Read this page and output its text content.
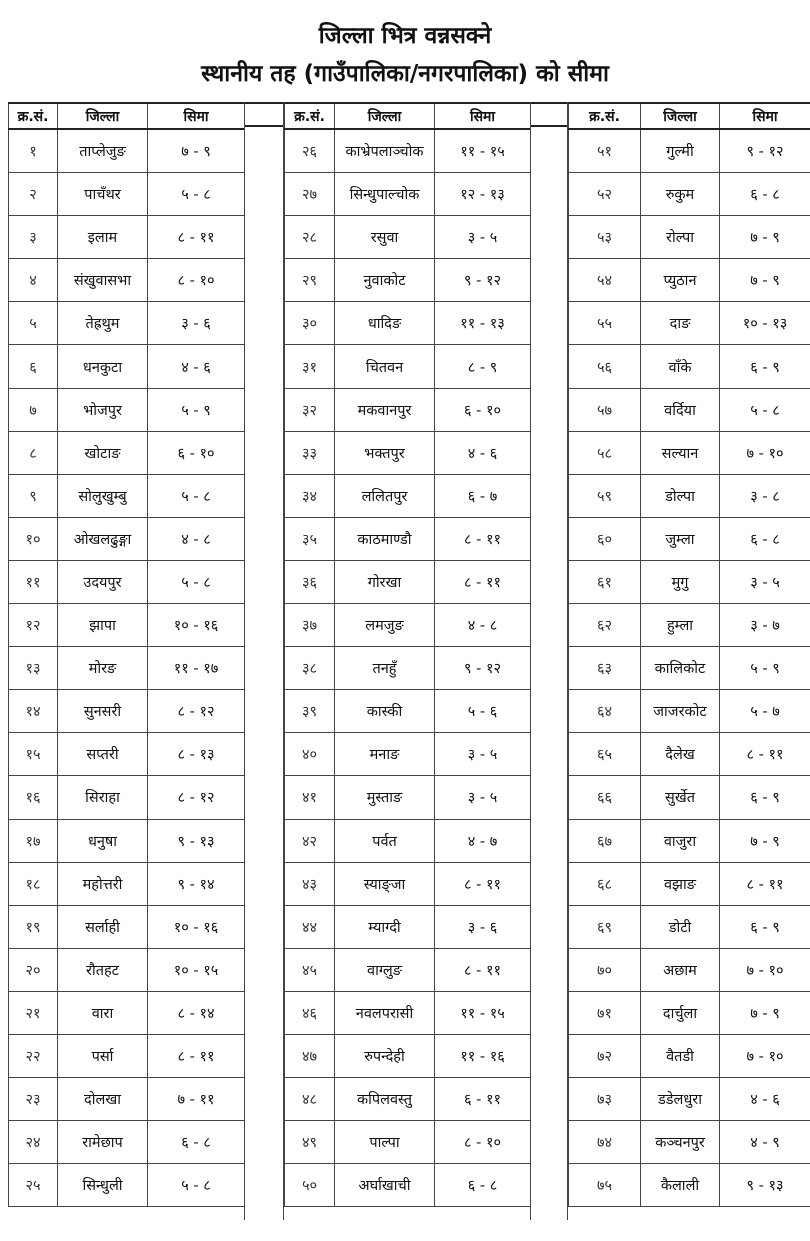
जिल्ला भित्र वन्नसक्ने
स्थानीय तह (गाउँपालिका/नगरपालिका) को सीमा
क्र.सं.	जिल्ला	सिमा
१	ताप्लेजुङ	७ - ९
२	पाचँथर	५ - ८
३	इलाम	८ - ११
४	संखुवासभा	८ - १०
५	तेह्रथुम	३ - ६
६	धनकुटा	४ - ६
७	भोजपुर	५ - ९
८	खोटाङ	६ - १०
९	सोलुखुम्बु	५ - ८
१०	ओखलढुङ्गा	४ - ८
११	उदयपुर	५ - ८
१२	झापा	१० - १६
१३	मोरङ	११ - १७
१४	सुनसरी	८ - १२
१५	सप्तरी	८ - १३
१६	सिराहा	८ - १२
१७	धनुषा	९ - १३
१८	महोत्तरी	९ - १४
१९	सर्लाही	१० - १६
२०	रौतहट	१० - १५
२१	वारा	८ - १४
२२	पर्सा	८ - ११
२३	दोलखा	७ - ११
२४	रामेछाप	६ - ८
२५	सिन्धुली	५ - ८
क्र.सं.	जिल्ला	सिमा
२६	काभ्रेपलाञ्चोक	११ - १५
२७	सिन्धुपाल्चोक	१२ - १३
२८	रसुवा	३ - ५
२९	नुवाकोट	९ - १२
३०	धादिङ	११ - १३
३१	चितवन	८ - ९
३२	मकवानपुर	६ - १०
३३	भक्तपुर	४ - ६
३४	ललितपुर	६ - ७
३५	काठमाण्डौ	८ - ११
३६	गोरखा	८ - ११
३७	लमजुङ	४ - ८
३८	तनहुँ	९ - १२
३९	कास्की	५ - ६
४०	मनाङ	३ - ५
४१	मुस्ताङ	३ - ५
४२	पर्वत	४ - ७
४३	स्याङ्जा	८ - ११
४४	म्याग्दी	३ - ६
४५	वाग्लुङ	८ - ११
४६	नवलपरासी	११ - १५
४७	रुपन्देही	११ - १६
४८	कपिलवस्तु	६ - ११
४९	पाल्पा	८ - १०
५०	अर्घाखाची	६ - ८
क्र.सं.	जिल्ला	सिमा
५१	गुल्मी	९ - १२
५२	रुकुम	६ - ८
५३	रोल्पा	७ - ९
५४	प्युठान	७ - ९
५५	दाङ	१० - १३
५६	वाँके	६ - ९
५७	वर्दिया	५ - ८
५८	सल्यान	७ - १०
५९	डोल्पा	३ - ८
६०	जुम्ला	६ - ८
६१	मुगु	३ - ५
६२	हुम्ला	३ - ७
६३	कालिकोट	५ - ९
६४	जाजरकोट	५ - ७
६५	दैलेख	८ - ११
६६	सुर्खेत	६ - ९
६७	वाजुरा	७ - ९
६८	वझाङ	८ - ११
६९	डोटी	६ - ९
७०	अछाम	७ - १०
७१	दार्चुला	७ - ९
७२	वैतडी	७ - १०
७३	डडेलधुरा	४ - ६
७४	कञ्चनपुर	४ - ९
७५	कैलाली	९ - १३
